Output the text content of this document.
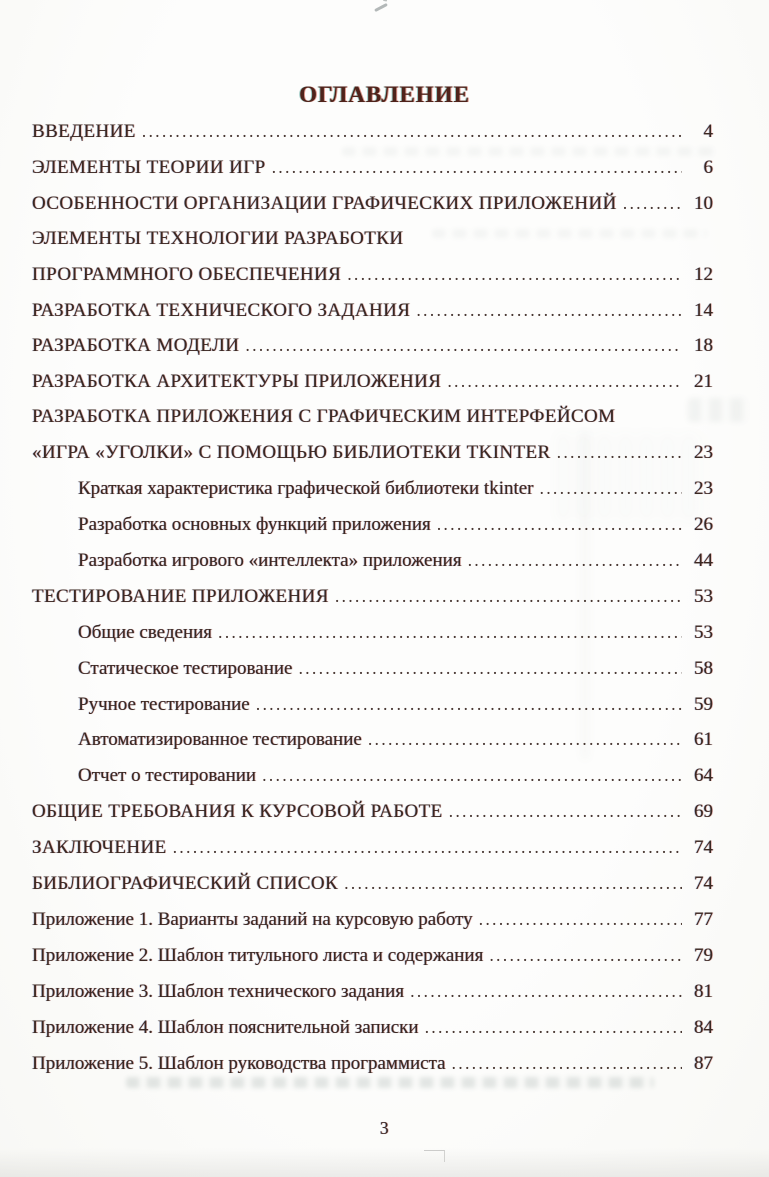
ОГЛАВЛЕНИЕ
ВВЕДЕНИЕ .....	4
ЭЛЕМЕНТЫ ТЕОРИИ ИГР .....	6
ОСОБЕННОСТИ ОРГАНИЗАЦИИ ГРАФИЧЕСКИХ ПРИЛОЖЕНИЙ .....	10
ЭЛЕМЕНТЫ ТЕХНОЛОГИИ РАЗРАБОТКИ
ПРОГРАММНОГО ОБЕСПЕЧЕНИЯ .....	12
РАЗРАБОТКА ТЕХНИЧЕСКОГО ЗАДАНИЯ .....	14
РАЗРАБОТКА МОДЕЛИ .....	18
РАЗРАБОТКА АРХИТЕКТУРЫ ПРИЛОЖЕНИЯ .....	21
РАЗРАБОТКА ПРИЛОЖЕНИЯ С ГРАФИЧЕСКИМ ИНТЕРФЕЙСОМ
«ИГРА «УГОЛКИ» С ПОМОЩЬЮ БИБЛИОТЕКИ TKINTER .....	23
Краткая характеристика графической библиотеки tkinter .....	23
Разработка основных функций приложения .....	26
Разработка игрового «интеллекта» приложения .....	44
ТЕСТИРОВАНИЕ ПРИЛОЖЕНИЯ .....	53
Общие сведения .....	53
Статическое тестирование .....	58
Ручное тестирование .....	59
Автоматизированное тестирование .....	61
Отчет о тестировании .....	64
ОБЩИЕ ТРЕБОВАНИЯ К КУРСОВОЙ РАБОТЕ .....	69
ЗАКЛЮЧЕНИЕ .....	74
БИБЛИОГРАФИЧЕСКИЙ СПИСОК .....	74
Приложение 1. Варианты заданий на курсовую работу .....	77
Приложение 2. Шаблон титульного листа и содержания .....	79
Приложение 3. Шаблон технического задания .....	81
Приложение 4. Шаблон пояснительной записки .....	84
Приложение 5. Шаблон руководства программиста .....	87
3
